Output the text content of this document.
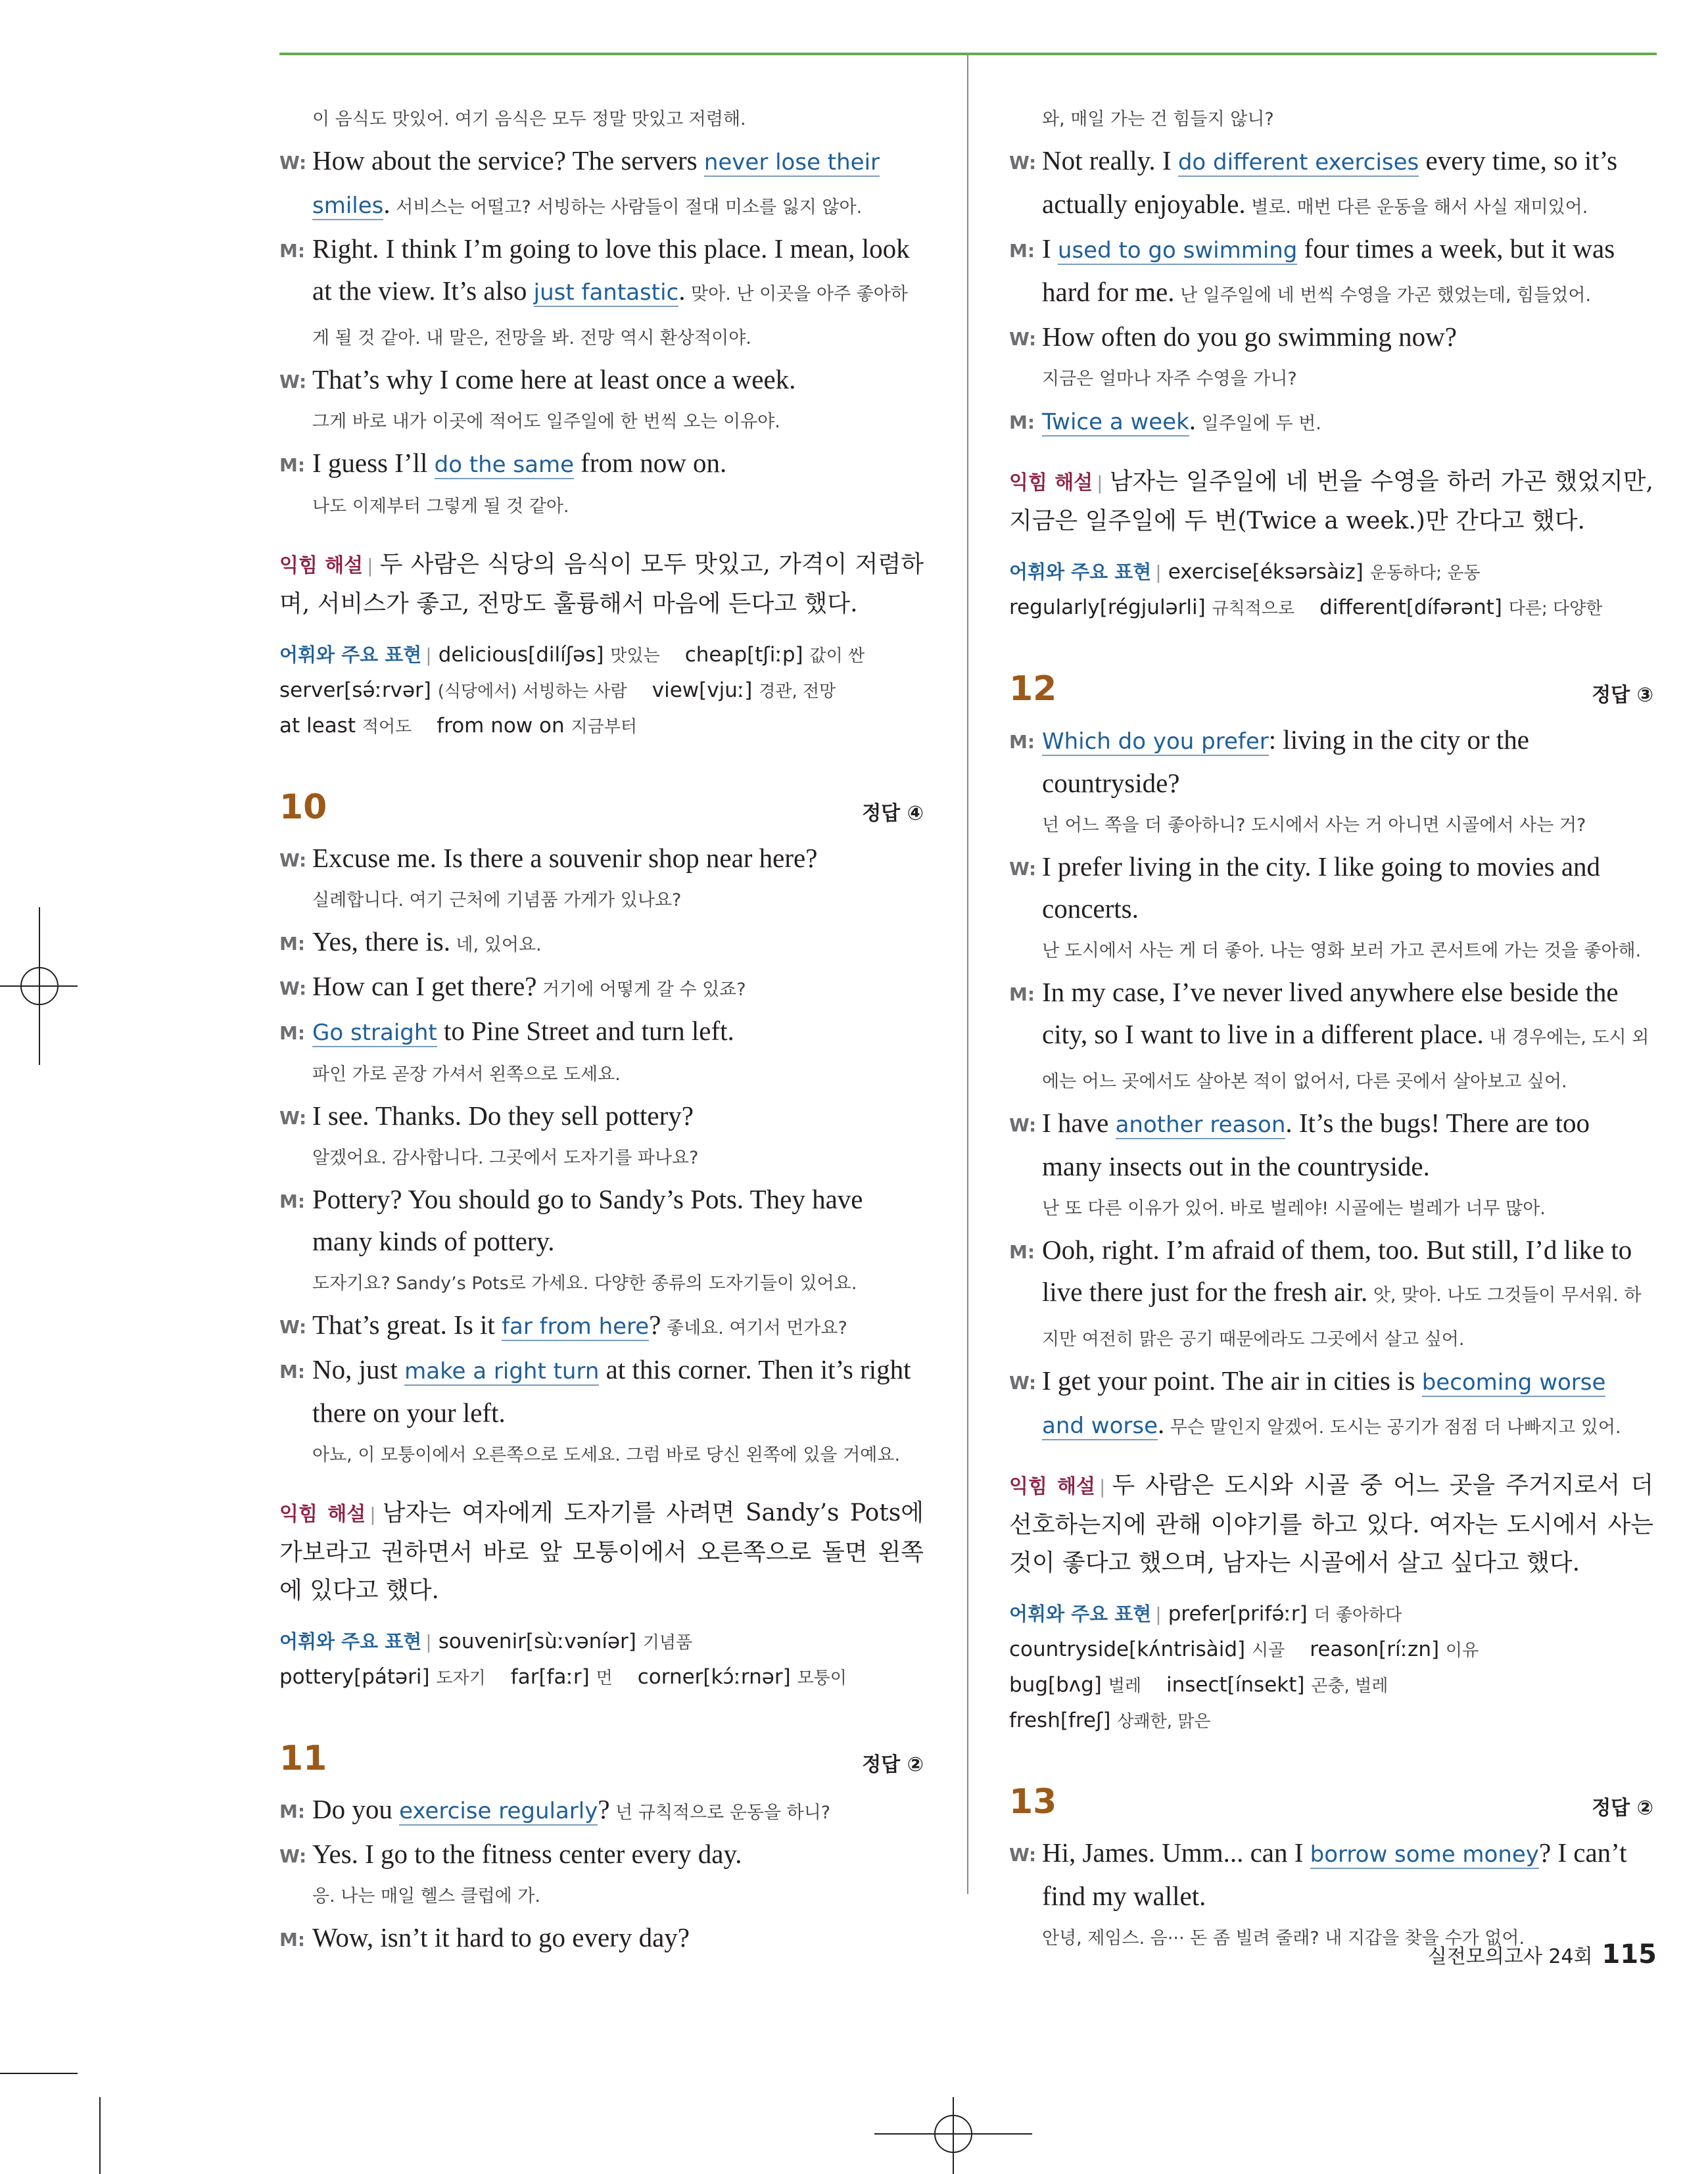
이 음식도 맛있어. 여기 음식은 모두 정말 맛있고 저렴해.

W: How about the service? The servers never lose their smiles. 서비스는 어떨고? 서빙하는 사람들이 절대 미소를 잃지 않아.

M: Right. I think I’m going to love this place. I mean, look at the view. It’s also just fantastic. 맞아. 난 이곳을 아주 좋아하게 될 것 같아. 내 말은, 전망을 봐. 전망 역시 환상적이야.

W: That’s why I come here at least once a week.

그게 바로 내가 이곳에 적어도 일주일에 한 번씩 오는 이유야.

M: I guess I’ll do the same from now on.

나도 이제부터 그렇게 될 것 같아.

익힘 해설 | 두 사람은 식당의 음식이 모두 맛있고, 가격이 저렴하며, 서비스가 좋고, 전망도 훌륭해서 마음에 든다고 했다.
어휘와 주요 표현 | delicious[dilíʃəs] 맛있는 cheap[tʃiːp] 값이 싼
server[sə́ːrvər] (식당에서) 서빙하는 사람 view[vjuː] 경관, 전망
at least 적어도 from now on 지금부터
10	정답 ④

W: Excuse me. Is there a souvenir shop near here?

실례합니다. 여기 근처에 기념품 가게가 있나요?

M: Yes, there is. 네, 있어요.

W: How can I get there? 거기에 어떻게 갈 수 있죠?

M: Go straight to Pine Street and turn left.

파인 가로 곧장 가셔서 왼쪽으로 도세요.

W: I see. Thanks. Do they sell pottery?

알겠어요. 감사합니다. 그곳에서 도자기를 파나요?

M: Pottery? You should go to Sandy’s Pots. They have many kinds of pottery.

도자기요? Sandy’s Pots로 가세요. 다양한 종류의 도자기들이 있어요.

W: That’s great. Is it far from here? 좋네요. 여기서 먼가요?

M: No, just make a right turn at this corner. Then it’s right there on your left.

아뇨, 이 모퉁이에서 오른쪽으로 도세요. 그럼 바로 당신 왼쪽에 있을 거예요.

익힘 해설 | 남자는 여자에게 도자기를 사려면 Sandy’s Pots에 가보라고 권하면서 바로 앞 모퉁이에서 오른쪽으로 돌면 왼쪽에 있다고 했다.
어휘와 주요 표현 | souvenir[sùːvəníər] 기념품
pottery[pátəri] 도자기 far[faːr] 먼 corner[kɔ́ːrnər] 모퉁이
11	정답 ②

M: Do you exercise regularly? 넌 규칙적으로 운동을 하니?

W: Yes. I go to the fitness center every day.

응. 나는 매일 헬스 클럽에 가.

M: Wow, isn’t it hard to go every day?

와, 매일 가는 건 힘들지 않니?

W: Not really. I do different exercises every time, so it’s actually enjoyable. 별로. 매번 다른 운동을 해서 사실 재미있어.

M: I used to go swimming four times a week, but it was hard for me. 난 일주일에 네 번씩 수영을 가곤 했었는데, 힘들었어.

W: How often do you go swimming now?

지금은 얼마나 자주 수영을 가니?

M: Twice a week. 일주일에 두 번.

익힘 해설 | 남자는 일주일에 네 번을 수영을 하러 가곤 했었지만, 지금은 일주일에 두 번(Twice a week.)만 간다고 했다.
어휘와 주요 표현 | exercise[éksərsàiz] 운동하다; 운동
regularly[régjulərli] 규칙적으로 different[dífərənt] 다른; 다양한
12	정답 ③

M: Which do you prefer: living in the city or the countryside?

넌 어느 쪽을 더 좋아하니? 도시에서 사는 거 아니면 시골에서 사는 거?

W: I prefer living in the city. I like going to movies and concerts.

난 도시에서 사는 게 더 좋아. 나는 영화 보러 가고 콘서트에 가는 것을 좋아해.

M: In my case, I’ve never lived anywhere else beside the city, so I want to live in a different place. 내 경우에는, 도시 외에는 어느 곳에서도 살아본 적이 없어서, 다른 곳에서 살아보고 싶어.

W: I have another reason. It’s the bugs! There are too many insects out in the countryside.

난 또 다른 이유가 있어. 바로 벌레야! 시골에는 벌레가 너무 많아.

M: Ooh, right. I’m afraid of them, too. But still, I’d like to live there just for the fresh air. 앗, 맞아. 나도 그것들이 무서워. 하지만 여전히 맑은 공기 때문에라도 그곳에서 살고 싶어.

W: I get your point. The air in cities is becoming worse and worse. 무슨 말인지 알겠어. 도시는 공기가 점점 더 나빠지고 있어.

익힘 해설 | 두 사람은 도시와 시골 중 어느 곳을 주거지로서 더 선호하는지에 관해 이야기를 하고 있다. 여자는 도시에서 사는 것이 좋다고 했으며, 남자는 시골에서 살고 싶다고 했다.
어휘와 주요 표현 | prefer[prifə́ːr] 더 좋아하다
countryside[kʌ́ntrisàid] 시골 reason[ríːzn] 이유
bug[bʌg] 벌레 insect[ínsekt] 곤충, 벌레
fresh[freʃ] 상쾌한, 맑은
13	정답 ②

W: Hi, James. Umm... can I borrow some money? I can’t find my wallet.

안녕, 제임스. 음··· 돈 좀 빌려 줄래? 내 지갑을 찾을 수가 없어.

실전모의고사 24회 115
